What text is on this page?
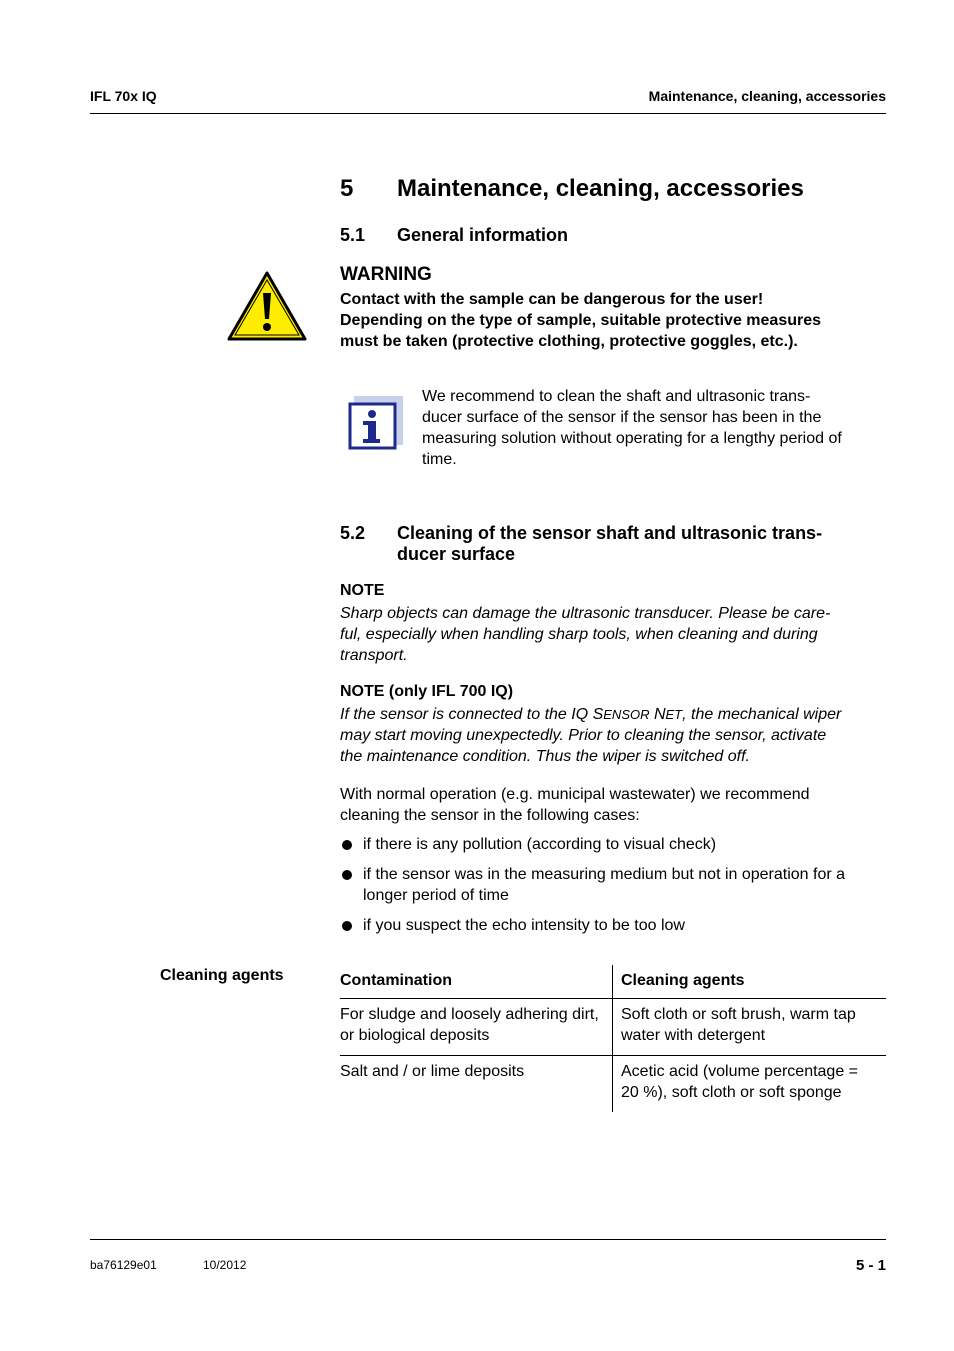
IFL 70x IQ	Maintenance, cleaning, accessories
5 Maintenance, cleaning, accessories
5.1 General information
WARNING
Contact with the sample can be dangerous for the user!
Depending on the type of sample, suitable protective measures
must be taken (protective clothing, protective goggles, etc.).
We recommend to clean the shaft and ultrasonic trans-
ducer surface of the sensor if the sensor has been in the
measuring solution without operating for a lengthy period of
time.
5.2 Cleaning of the sensor shaft and ultrasonic trans-
ducer surface
NOTE
Sharp objects can damage the ultrasonic transducer. Please be care-
ful, especially when handling sharp tools, when cleaning and during
transport.
NOTE (only IFL 700 IQ)
If the sensor is connected to the IQ SENSOR NET, the mechanical wiper
may start moving unexpectedly. Prior to cleaning the sensor, activate
the maintenance condition. Thus the wiper is switched off.
With normal operation (e.g. municipal wastewater) we recommend
cleaning the sensor in the following cases:
if there is any pollution (according to visual check)
if the sensor was in the measuring medium but not in operation for a longer period of time
if you suspect the echo intensity to be too low
Cleaning agents	Contamination	Cleaning agents
For sludge and loosely adhering dirt, or biological deposits	Soft cloth or soft brush, warm tap water with detergent
Salt and / or lime deposits	Acetic acid (volume percentage = 20 %), soft cloth or soft sponge
ba76129e01	10/2012	5 - 1
